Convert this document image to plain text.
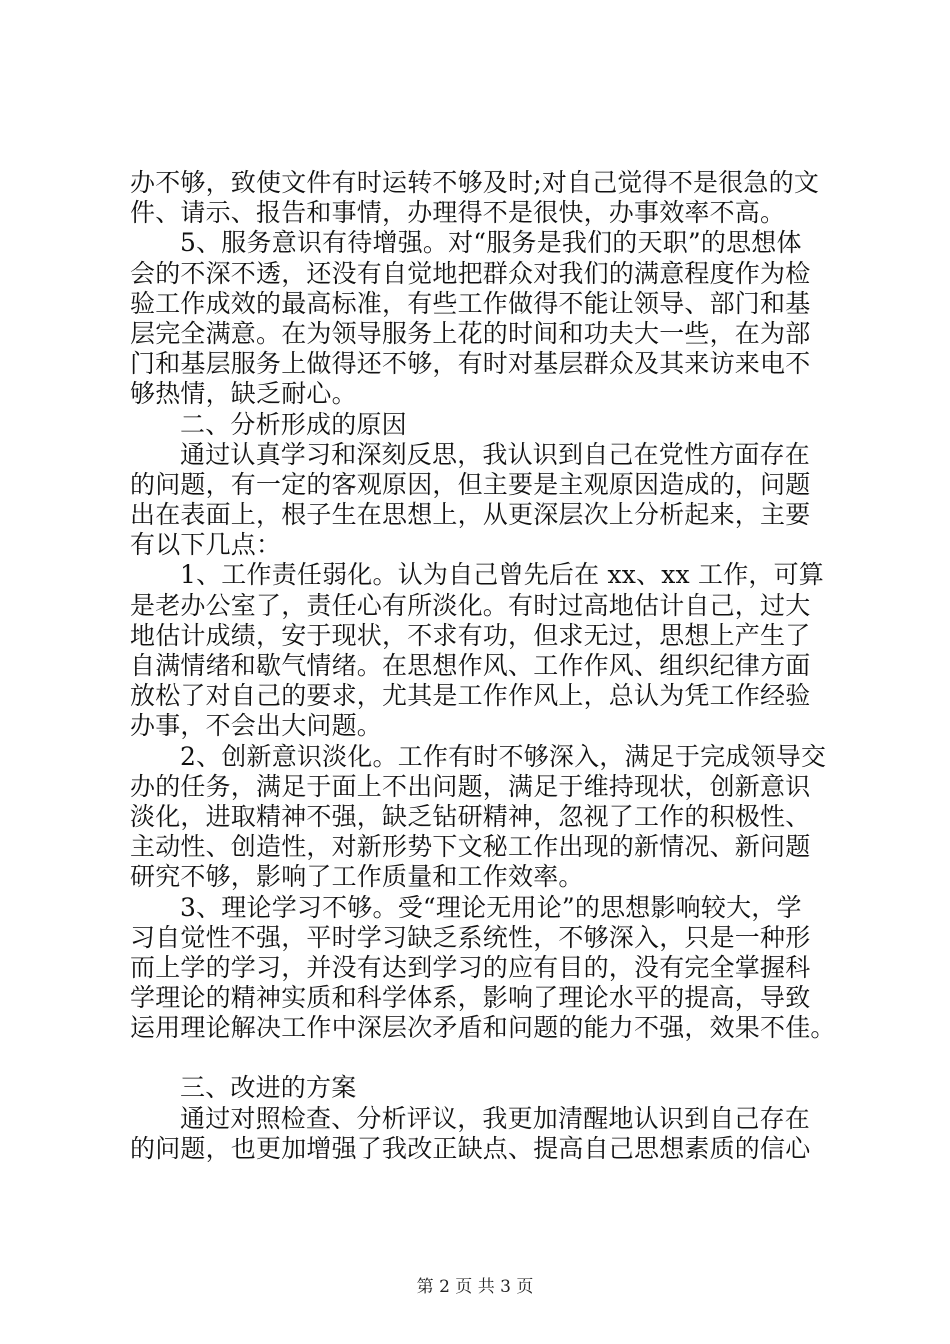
办不够，致使文件有时运转不够及时;对自己觉得不是很急的文
件、请示、报告和事情，办理得不是很快，办事效率不高。
5、服务意识有待增强。对“服务是我们的天职”的思想体
会的不深不透，还没有自觉地把群众对我们的满意程度作为检
验工作成效的最高标准，有些工作做得不能让领导、部门和基
层完全满意。在为领导服务上花的时间和功夫大一些，在为部
门和基层服务上做得还不够，有时对基层群众及其来访来电不
够热情，缺乏耐心。
二、分析形成的原因
通过认真学习和深刻反思，我认识到自己在党性方面存在
的问题，有一定的客观原因，但主要是主观原因造成的，问题
出在表面上，根子生在思想上，从更深层次上分析起来，主要
有以下几点：
1、工作责任弱化。认为自己曾先后在 xx、xx 工作，可算
是老办公室了，责任心有所淡化。有时过高地估计自己，过大
地估计成绩，安于现状，不求有功，但求无过，思想上产生了
自满情绪和歇气情绪。在思想作风、工作作风、组织纪律方面
放松了对自己的要求，尤其是工作作风上，总认为凭工作经验
办事，不会出大问题。
2、创新意识淡化。工作有时不够深入，满足于完成领导交
办的任务，满足于面上不出问题，满足于维持现状，创新意识
淡化，进取精神不强，缺乏钻研精神，忽视了工作的积极性、
主动性、创造性，对新形势下文秘工作出现的新情况、新问题
研究不够，影响了工作质量和工作效率。
3、理论学习不够。受“理论无用论”的思想影响较大，学
习自觉性不强，平时学习缺乏系统性，不够深入，只是一种形
而上学的学习，并没有达到学习的应有目的，没有完全掌握科
学理论的精神实质和科学体系，影响了理论水平的提高，导致
运用理论解决工作中深层次矛盾和问题的能力不强，效果不佳。
三、改进的方案
通过对照检查、分析评议，我更加清醒地认识到自己存在
的问题，也更加增强了我改正缺点、提高自己思想素质的信心
第 2 页 共 3 页
